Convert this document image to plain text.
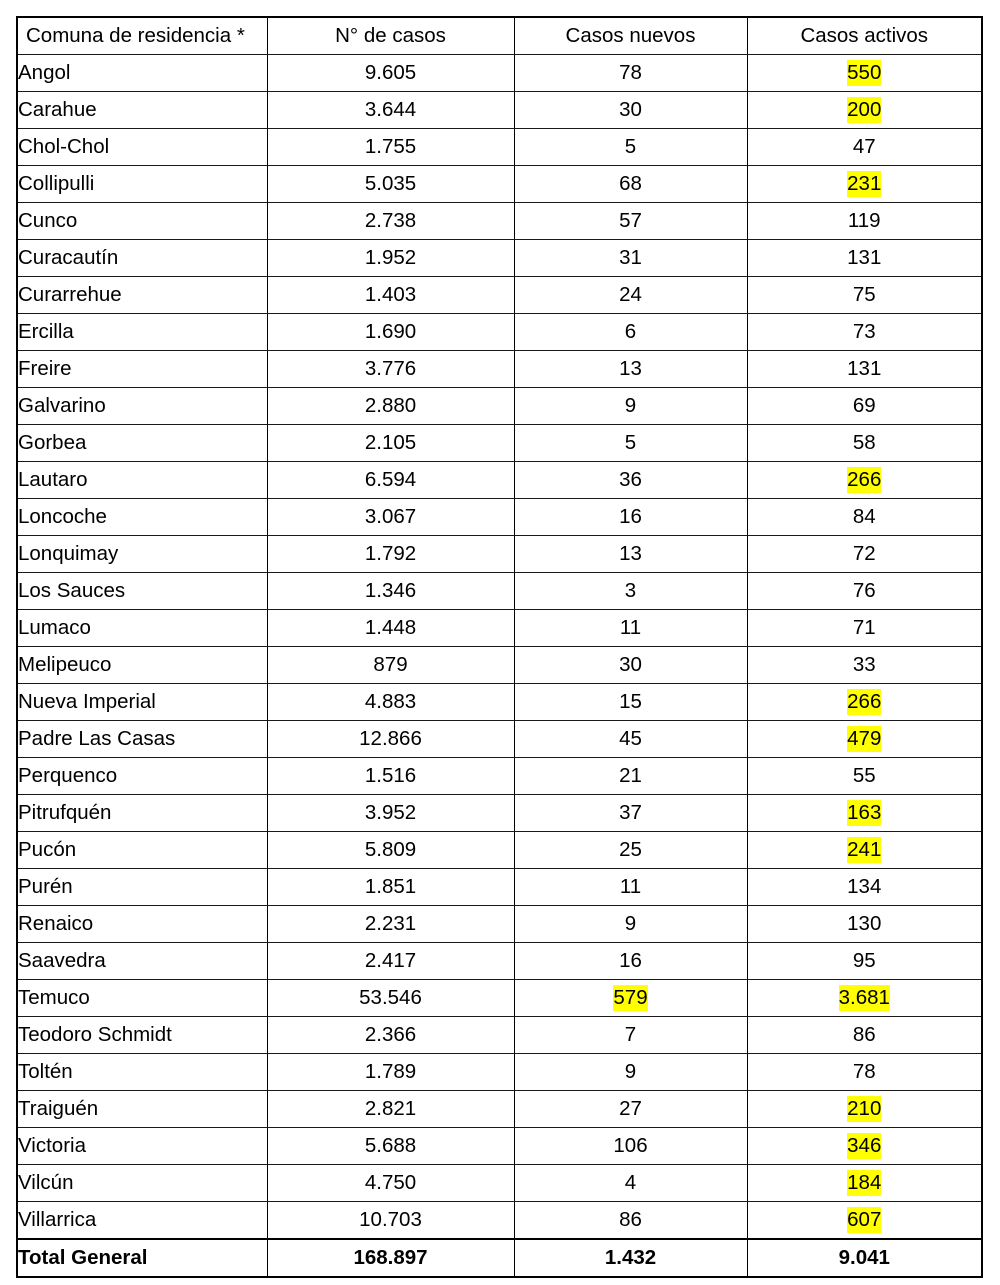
Comuna de residencia *	N° de casos	Casos nuevos	Casos activos
Angol	9.605	78	550
Carahue	3.644	30	200
Chol-Chol	1.755	5	47
Collipulli	5.035	68	231
Cunco	2.738	57	119
Curacautín	1.952	31	131
Curarrehue	1.403	24	75
Ercilla	1.690	6	73
Freire	3.776	13	131
Galvarino	2.880	9	69
Gorbea	2.105	5	58
Lautaro	6.594	36	266
Loncoche	3.067	16	84
Lonquimay	1.792	13	72
Los Sauces	1.346	3	76
Lumaco	1.448	11	71
Melipeuco	879	30	33
Nueva Imperial	4.883	15	266
Padre Las Casas	12.866	45	479
Perquenco	1.516	21	55
Pitrufquén	3.952	37	163
Pucón	5.809	25	241
Purén	1.851	11	134
Renaico	2.231	9	130
Saavedra	2.417	16	95
Temuco	53.546	579	3.681
Teodoro Schmidt	2.366	7	86
Toltén	1.789	9	78
Traiguén	2.821	27	210
Victoria	5.688	106	346
Vilcún	4.750	4	184
Villarrica	10.703	86	607
Total General	168.897	1.432	9.041
